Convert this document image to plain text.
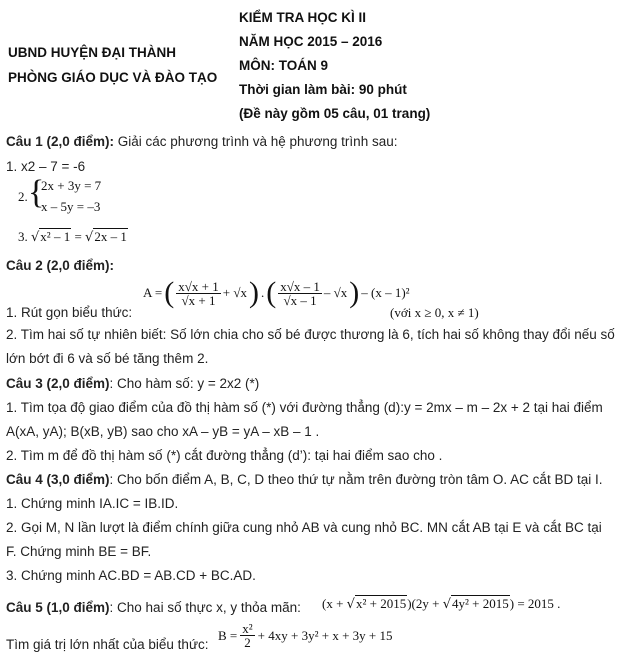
UBND HUYỆN ĐẠI THÀNH
PHÒNG GIÁO DỤC VÀ ĐÀO TẠO
KIỂM TRA HỌC KÌ II
NĂM HỌC 2015 – 2016
MÔN: TOÁN 9
Thời gian làm bài: 90 phút
(Đề này gồm 05 câu, 01 trang)
Câu 1 (2,0 điểm): Giải các phương trình và hệ phương trình sau:
1. x2 – 7 = -6
2. {
2x + 3y = 7
x – 5y = –3
3. √x² – 1 = √2x – 1
Câu 2 (2,0 điểm):
A = ( $\frac{x√x + 1}{√x + 1} + √x$ ) . ( $\frac{x√x - 1}{√x - 1} - √x$ ) – (x – 1)²
1. Rút gọn biểu thức:	(với x ≥ 0, x ≠ 1)
2. Tìm hai số tự nhiên biết: Số lớn chia cho số bé được thương là 6, tích hai số không thay đổi nếu số
lớn bớt đi 6 và số bé tăng thêm 2.
Câu 3 (2,0 điểm): Cho hàm số: y = 2x2 (*)
1. Tìm tọa độ giao điểm của đồ thị hàm số (*) với đường thẳng (d):y = 2mx – m – 2x + 2 tại hai điểm
A(xA, yA); B(xB, yB) sao cho xA – yB = yA – xB – 1 .
2. Tìm m để đồ thị hàm số (*) cắt đường thẳng (d’): tại hai điểm sao cho .
Câu 4 (3,0 điểm): Cho bốn điểm A, B, C, D theo thứ tự nằm trên đường tròn tâm O. AC cắt BD tại I.
1. Chứng minh IA.IC = IB.ID.
2. Gọi M, N lần lượt là điểm chính giữa cung nhỏ AB và cung nhỏ BC. MN cắt AB tại E và cắt BC tại
F. Chứng minh BE = BF.
3. Chứng minh AC.BD = AB.CD + BC.AD.
Câu 5 (1,0 điểm): Cho hai số thực x, y thỏa mãn: (x + √x² + 2015)(2y + √4y² + 2015) = 2015 .
Tìm giá trị lớn nhất của biểu thức:
$B = \frac{\text{x²}}{2} + 4xy + 3y^2 + x + 3y + 15$
